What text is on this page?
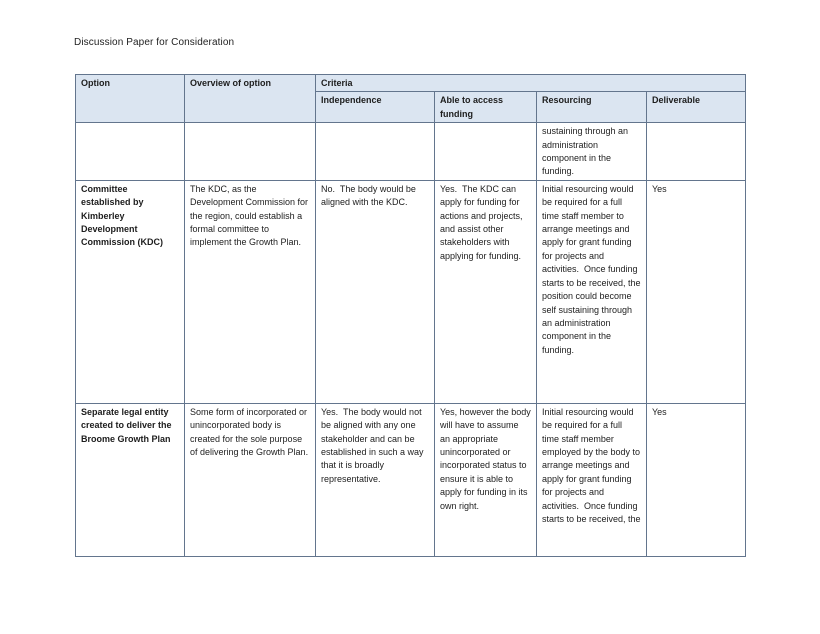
Discussion Paper for Consideration
Option	Overview of option	Criteria			
		Independence	Able to access funding	Resourcing	Deliverable
				sustaining through an administration component in the funding.	
Committee established by Kimberley Development Commission (KDC)	The KDC, as the Development Commission for the region, could establish a formal committee to implement the Growth Plan.	No.  The body would be aligned with the KDC.	Yes.  The KDC can apply for funding for actions and projects, and assist other stakeholders with applying for funding.	Initial resourcing would be required for a full time staff member to arrange meetings and apply for grant funding for projects and activities.  Once funding starts to be received, the position could become self sustaining through an administration component in the funding.	Yes
Separate legal entity created to deliver the Broome Growth Plan	Some form of incorporated or unincorporated body is created for the sole purpose of delivering the Growth Plan.	Yes.  The body would not be aligned with any one stakeholder and can be established in such a way that it is broadly representative.	Yes, however the body will have to assume an appropriate unincorporated or incorporated status to ensure it is able to apply for funding in its own right.	Initial resourcing would be required for a full time staff member employed by the body to arrange meetings and apply for grant funding for projects and activities.  Once funding starts to be received, the	Yes
